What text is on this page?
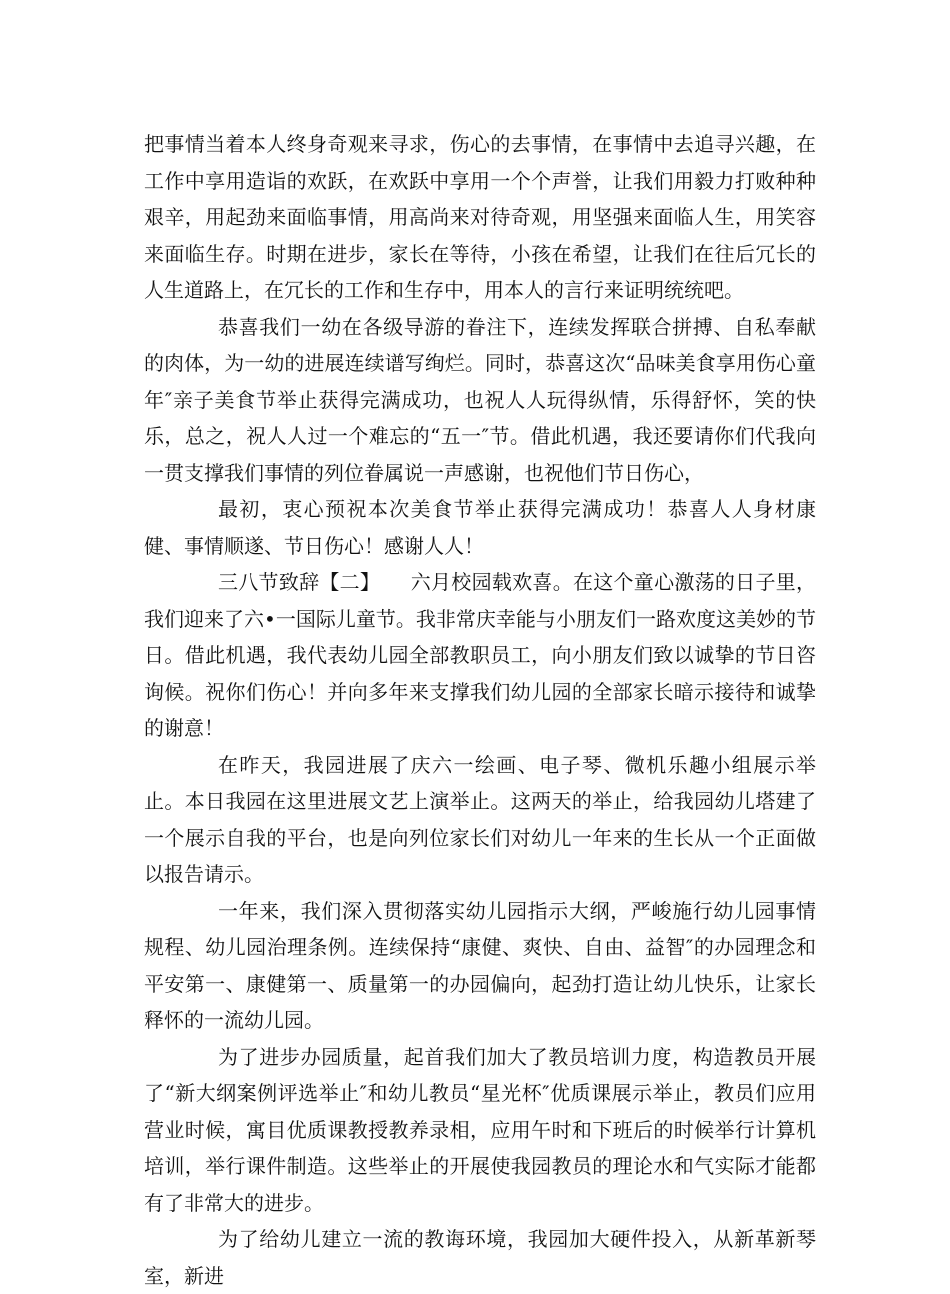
把事情当着本人终身奇观来寻求，伤心的去事情，在事情中去追寻兴趣，在工作中享用造诣的欢跃，在欢跃中享用一个个声誉，让我们用毅力打败种种艰辛，用起劲来面临事情，用高尚来对待奇观，用坚强来面临人生，用笑容来面临生存。时期在进步，家长在等待，小孩在希望，让我们在往后冗长的人生道路上，在冗长的工作和生存中，用本人的言行来证明统统吧。

恭喜我们一幼在各级导游的眷注下，连续发挥联合拼搏、自私奉献的肉体，为一幼的进展连续谱写绚烂。同时，恭喜这次“品味美食享用伤心童年″亲子美食节举止获得完满成功，也祝人人玩得纵情，乐得舒怀，笑的快乐，总之，祝人人过一个难忘的“五一″节。借此机遇，我还要请你们代我向一贯支撑我们事情的列位眷属说一声感谢，也祝他们节日伤心，

最初，衷心预祝本次美食节举止获得完满成功！恭喜人人身材康健、事情顺遂、节日伤心！感谢人人！

三八节致辞【二】　　六月校园载欢喜。在这个童心激荡的日子里，我们迎来了六•一国际儿童节。我非常庆幸能与小朋友们一路欢度这美妙的节日。借此机遇，我代表幼儿园全部教职员工，向小朋友们致以诚挚的节日咨询候。祝你们伤心！并向多年来支撑我们幼儿园的全部家长暗示接待和诚挚的谢意！

在昨天，我园进展了庆六一绘画、电子琴、微机乐趣小组展示举止。本日我园在这里进展文艺上演举止。这两天的举止，给我园幼儿塔建了一个展示自我的平台，也是向列位家长们对幼儿一年来的生长从一个正面做以报告请示。

一年来，我们深入贯彻落实幼儿园指示大纲，严峻施行幼儿园事情规程、幼儿园治理条例。连续保持“康健、爽快、自由、益智″的办园理念和平安第一、康健第一、质量第一的办园偏向，起劲打造让幼儿快乐，让家长释怀的一流幼儿园。

为了进步办园质量，起首我们加大了教员培训力度，构造教员开展了“新大纲案例评选举止″和幼儿教员“星光杯″优质课展示举止，教员们应用营业时候，寓目优质课教授教养录相，应用午时和下班后的时候举行计算机培训，举行课件制造。这些举止的开展使我园教员的理论水和气实际才能都有了非常大的进步。

为了给幼儿建立一流的教诲环境，我园加大硬件投入，从新革新琴室，新进
